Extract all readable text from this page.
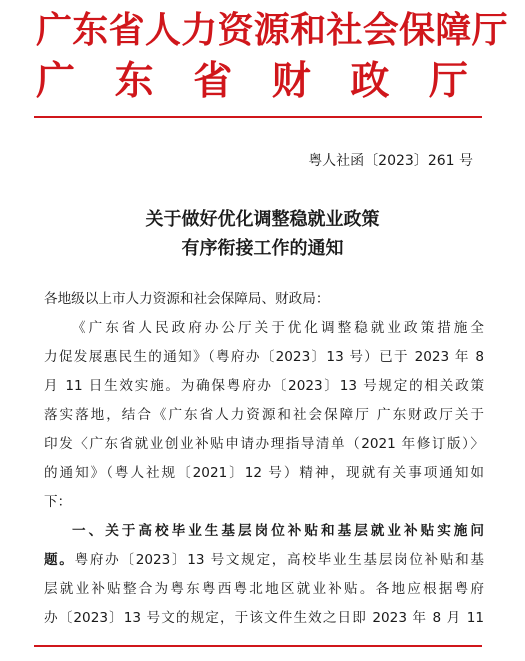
广东省人力资源和社会保障厅
广 东 省 财 政 厅
粤人社函〔2023〕261 号
关于做好优化调整稳就业政策
有序衔接工作的通知
各地级以上市人力资源和社会保障局、财政局：
《广东省人民政府办公厅关于优化调整稳就业政策措施全
力促发展惠民生的通知》（粤府办〔2023〕13 号）已于 2023 年 8
月 11 日生效实施。为确保粤府办〔2023〕13 号规定的相关政策
落实落地，结合《广东省人力资源和社会保障厅 广东财政厅关于
印发〈广东省就业创业补贴申请办理指导清单（2021 年修订版）〉
的通知》（粤人社规〔2021〕12 号）精神，现就有关事项通知如
下：
一、关于高校毕业生基层岗位补贴和基层就业补贴实施问
题。粤府办〔2023〕13 号文规定，高校毕业生基层岗位补贴和基
层就业补贴整合为粤东粤西粤北地区就业补贴。各地应根据粤府
办〔2023〕13 号文的规定，于该文件生效之日即 2023 年 8 月 11
